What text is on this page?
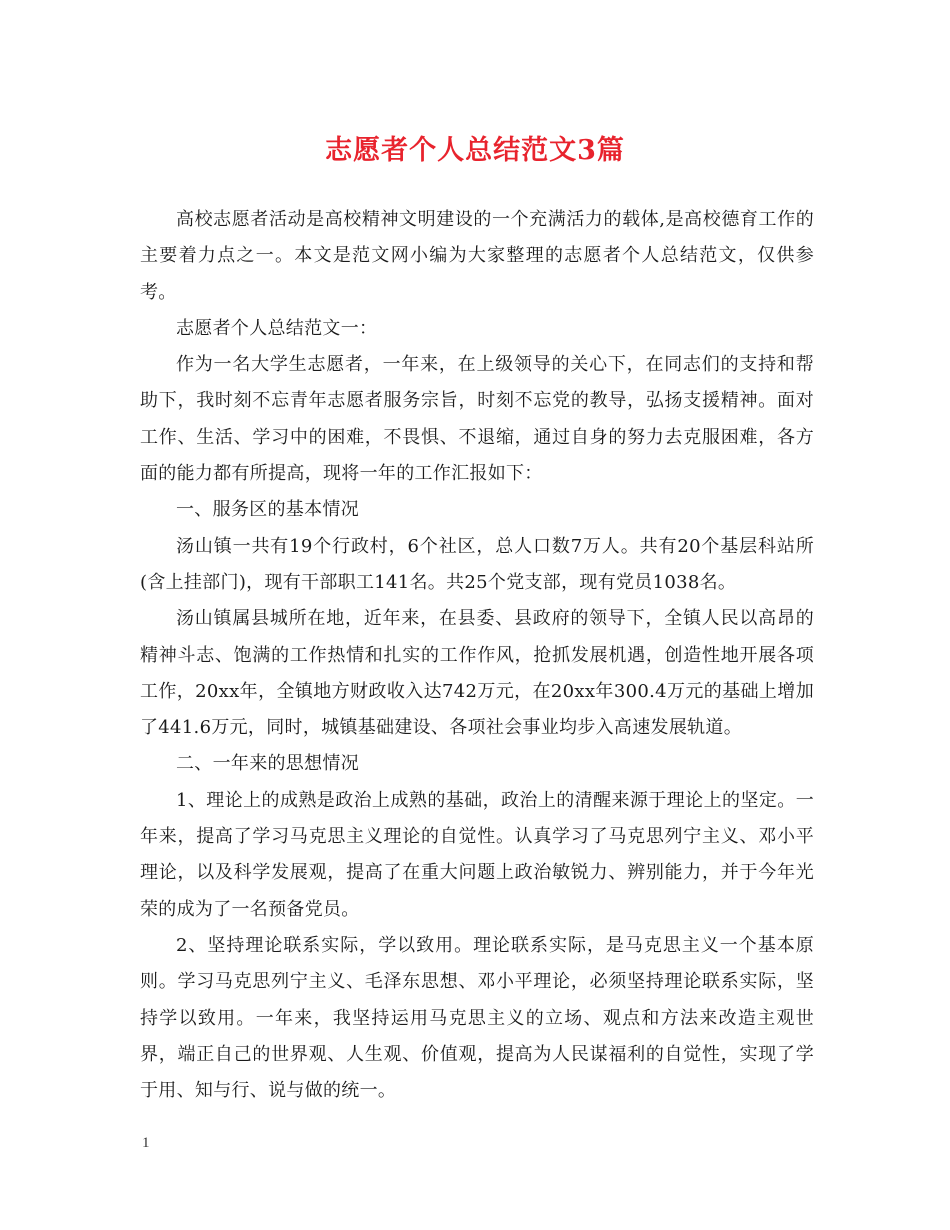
志愿者个人总结范文3篇

高校志愿者活动是高校精神文明建设的一个充满活力的载体,是高校德育工作的主要着力点之一。本文是范文网小编为大家整理的志愿者个人总结范文，仅供参考。

志愿者个人总结范文一：

作为一名大学生志愿者，一年来，在上级领导的关心下，在同志们的支持和帮助下，我时刻不忘青年志愿者服务宗旨，时刻不忘党的教导，弘扬支援精神。面对工作、生活、学习中的困难，不畏惧、不退缩，通过自身的努力去克服困难，各方面的能力都有所提高，现将一年的工作汇报如下：

一、服务区的基本情况

汤山镇一共有19个行政村，6个社区，总人口数7万人。共有20个基层科站所(含上挂部门)，现有干部职工141名。共25个党支部，现有党员1038名。

汤山镇属县城所在地，近年来，在县委、县政府的领导下，全镇人民以高昂的精神斗志、饱满的工作热情和扎实的工作作风，抢抓发展机遇，创造性地开展各项工作，20xx年，全镇地方财政收入达742万元，在20xx年300.4万元的基础上增加了441.6万元，同时，城镇基础建设、各项社会事业均步入高速发展轨道。

二、一年来的思想情况

1、理论上的成熟是政治上成熟的基础，政治上的清醒来源于理论上的坚定。一年来，提高了学习马克思主义理论的自觉性。认真学习了马克思列宁主义、邓小平理论，以及科学发展观，提高了在重大问题上政治敏锐力、辨别能力，并于今年光荣的成为了一名预备党员。

2、坚持理论联系实际，学以致用。理论联系实际，是马克思主义一个基本原则。学习马克思列宁主义、毛泽东思想、邓小平理论，必须坚持理论联系实际，坚持学以致用。一年来，我坚持运用马克思主义的立场、观点和方法来改造主观世界，端正自己的世界观、人生观、价值观，提高为人民谋福利的自觉性，实现了学于用、知与行、说与做的统一。

1
